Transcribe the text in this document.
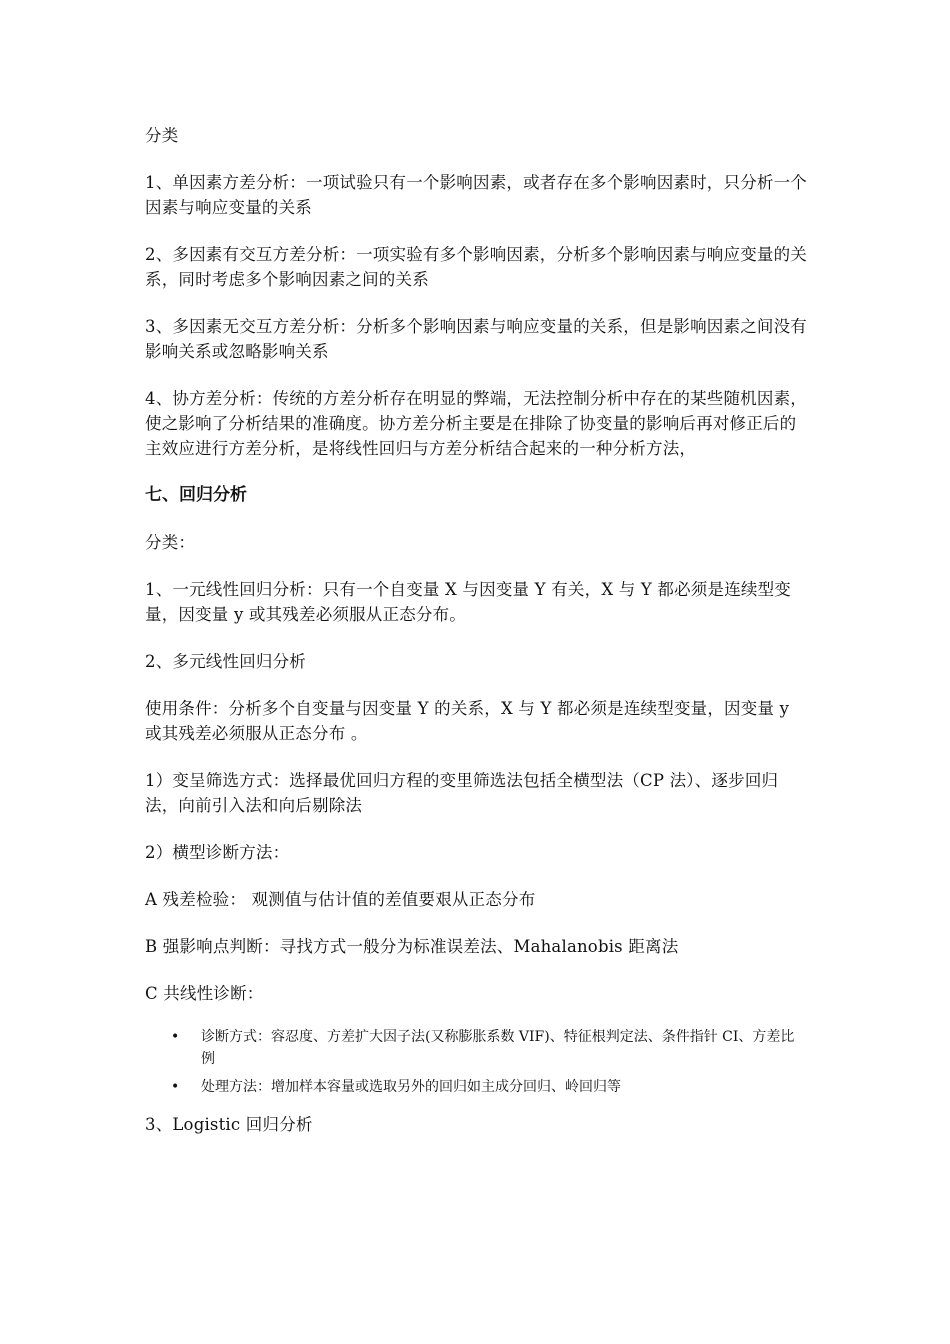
分类

1、单因素方差分析：一项试验只有一个影响因素，或者存在多个影响因素时，只分析一个因素与响应变量的关系

2、多因素有交互方差分析：一项实验有多个影响因素，分析多个影响因素与响应变量的关系，同时考虑多个影响因素之间的关系

3、多因素无交互方差分析：分析多个影响因素与响应变量的关系，但是影响因素之间没有影响关系或忽略影响关系

4、协方差分析：传统的方差分析存在明显的弊端，无法控制分析中存在的某些随机因素，使之影响了分析结果的准确度。协方差分析主要是在排除了协变量的影响后再对修正后的主效应进行方差分析，是将线性回归与方差分析结合起来的一种分析方法，

七、回归分析

分类：

1、一元线性回归分析：只有一个自变量 X 与因变量 Y 有关，X 与 Y 都必须是连续型变量，因变量 y 或其残差必须服从正态分布。

2、多元线性回归分析

使用条件：分析多个自变量与因变量 Y 的关系，X 与 Y 都必须是连续型变量，因变量 y 或其残差必须服从正态分布 。

1）变呈筛选方式：选择最优回归方程的变里筛选法包括全横型法（CP 法）、逐步回归法，向前引入法和向后剔除法

2）横型诊断方法：

A 残差检验： 观测值与估计值的差值要艰从正态分布

B 强影响点判断：寻找方式一般分为标准误差法、Mahalanobis 距离法

C 共线性诊断：

• 诊断方式：容忍度、方差扩大因子法(又称膨胀系数 VIF)、特征根判定法、条件指针 CI、方差比例
• 处理方法：增加样本容量或选取另外的回归如主成分回归、岭回归等

3、Logistic 回归分析
